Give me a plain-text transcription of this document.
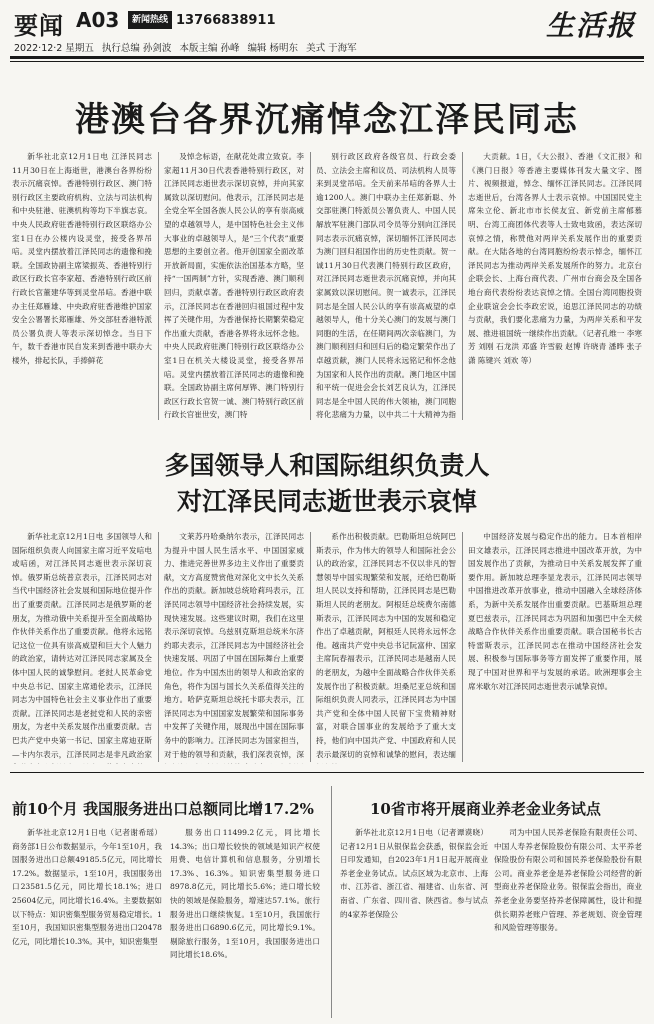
要闻 A03	新闻热线 13766838911	生活报
2022·12·2 星期五 执行总编 孙剑波 本版主编 孙峰 编辑 杨明东 美式 于海军
港澳台各界沉痛悼念江泽民同志
新华社北京12月1日电 江泽民同志11月30日在上海逝世，港澳台各界纷纷表示沉痛哀悼。香港特别行政区、澳门特别行政区主要政府机构、立法与司法机构和中央驻港、驻澳机构等均下半旗志哀。中央人民政府驻香港特别行政区联络办公室1日在办公楼内设灵堂，接受各界吊唁。灵堂内摆放着江泽民同志的遗像和挽联。全国政协副主席梁振英、香港特别行政区行政长官李家超、香港特别行政区前行政长官董建华等到灵堂吊唁。香港中联办主任郑雁雄、中央政府驻香港维护国家安全公署署长郑雁雄、外交部驻香港特派员公署负责人等表示深切悼念。当日下午，数千香港市民自发来到香港中联办大楼外，排起长队，手捧鲜花
及悼念标语，在献花处肃立致哀。李家超11月30日代表香港特别行政区，对江泽民同志逝世表示深切哀悼，并向其家属致以深切慰问。他表示，江泽民同志是全党全军全国各族人民公认的享有崇高威望的卓越领导人，是中国特色社会主义伟大事业的卓越领导人，是“三个代表”重要思想的主要创立者。他开创国家全面改革开放新局面，实施依法治国基本方略，坚持“一国两制”方针，实现香港、澳门顺利回归，贡献卓著。香港特别行政区政府表示，江泽民同志在香港回归祖国过程中发挥了关键作用，为香港保持长期繁荣稳定作出重大贡献，香港各界将永远怀念他。中央人民政府驻澳门特别行政区联络办公室1日在机关大楼设灵堂，接受各界吊唁。灵堂内摆放着江泽民同志的遗像和挽联。全国政协副主席何厚铧、澳门特别行政区行政长官贺一诚、澳门特别行政区前行政长官崔世安，澳门特
别行政区政府各级官员、行政会委员、立法会主席和议员、司法机构人员等来到灵堂吊唁。全天前来吊唁的各界人士逾1200人。澳门中联办主任郑新聪、外交部驻澳门特派员公署负责人、中国人民解放军驻澳门部队司令员等分别向江泽民同志表示沉痛哀悼，深切缅怀江泽民同志为澳门回归祖国作出的历史性贡献。贺一诚11月30日代表澳门特别行政区政府，对江泽民同志逝世表示沉痛哀悼，并向其家属致以深切慰问。贺一诚表示，江泽民同志是全国人民公认的享有崇高威望的卓越领导人，他十分关心澳门的发展与澳门同胞的生活，在任期间两次亲临澳门，为澳门顺利回归和回归后的稳定繁荣作出了卓越贡献，澳门人民将永远铭记和怀念他为国家和人民作出的贡献。澳门地区中国和平统一促进会会长刘艺良认为，江泽民同志是全中国人民的伟大领袖，澳门同胞将化悲痛为力量，以中共二十大精神为指
大贡献。1日，《大公报》、香港《文汇报》和《澳门日报》等香港主要媒体刊发大量文字、图片、视频报道，悼念、缅怀江泽民同志。江泽民同志逝世后，台湾各界人士表示哀悼。中国国民党主席朱立伦、新北市市长侯友宜、新党前主席郁慕明、台湾工商团体代表等人士致电致函，表达深切哀悼之情，称赞他对两岸关系发展作出的重要贡献。在大陆各地的台湾同胞纷纷表示悼念，缅怀江泽民同志为推动两岸关系发展所作的努力。北京台企联会长、上海台商代表、广州市台商会及全国各地台商代表纷纷表达哀悼之情。全国台湾同胞投资企业联谊会会长李政宏说，追思江泽民同志的功绩与贡献，我们要化悲痛为力量，为两岸关系和平发展、推进祖国统一继续作出贡献。（记者孔维一 李寒芳 刘刚 石龙洪 邓盛 许雪毅 赵博 许晓青 潘晔 张子潇 陈键兴 刘欢 等）
多国领导人和国际组织负责人
对江泽民同志逝世表示哀悼
新华社北京12月1日电 多国领导人和国际组织负责人向国家主席习近平发唁电或唁函，对江泽民同志逝世表示深切哀悼。俄罗斯总统普京表示，江泽民同志对当代中国经济社会发展和国际地位提升作出了重要贡献。江泽民同志是俄罗斯的老朋友，为推动俄中关系提升至全面战略协作伙伴关系作出了重要贡献。他将永远铭记这位一位具有崇高威望和巨大个人魅力的政治家，请转达对江泽民同志家属及全体中国人民的诚挚慰问。老挝人民革命党中央总书记、国家主席通伦表示，江泽民同志为中国特色社会主义事业作出了重要贡献。江泽民同志是老挝党和人民的亲密朋友，为老中关系发展作出重要贡献。吉巴共产党中央第一书记、国家主席迪亚斯—卡内尔表示，江泽民同志是非凡政治家
文莱苏丹哈桑纳尔表示，江泽民同志为提升中国人民生活水平、中国国家威力、推进完善世界多边主义作出了重要贡献，文方高度赞赏他对深化文中长久关系作出的贡献。新加坡总统哈莉玛表示，江泽民同志领导中国经济社会持续发展，实现快速发展。这些建议时期，我们在这里表示深切哀悼。乌兹别克斯坦总统米尔济约耶夫表示，江泽民同志为中国经济社会快速发展、巩固了中国在国际舞台上重要地位。作为中国杰出的领导人和政治家的角色，将作为国与国长久关系值得关注的地方。哈萨克斯坦总统托卡耶夫表示，江泽民同志为中国国家发展繁荣和国际事务中发挥了关键作用，展现出中国在国际事务中的影响力。江泽民同志为国家担当，对于他的领导和贡献，我们深表哀悼，深
系作出积极贡献。巴勒斯坦总统阿巴斯表示，作为伟大的领导人和国际社会公认的政治家，江泽民同志不仅以非凡的智慧领导中国实现繁荣和发展，还给巴勒斯坦人民以支持和帮助，江泽民同志是巴勒斯坦人民的老朋友。阿根廷总统费尔南德斯表示，江泽民同志为中国的发展和稳定作出了卓越贡献，阿根廷人民将永远怀念他。越南共产党中央总书记阮富仲、国家主席阮春福表示，江泽民同志是越南人民的老朋友，为越中全面战略合作伙伴关系发展作出了积极贡献。坦桑尼亚总统和国际组织负责人同表示，江泽民同志为中国共产党和全体中国人民留下宝贵精神财富，对联合国事业的发展给予了重大支持，他们向中国共产党、中国政府和人民表示最深切的哀悼和诚挚的慰问，表达缅
中国经济发展与稳定作出的能力。日本首相岸田文雄表示，江泽民同志推进中国改革开放，为中国发展作出了贡献，为推动日中关系发展发挥了重要作用。新加坡总理李显龙表示，江泽民同志领导中国推进改革开放事业，推动中国融入全球经济体系，为新中关系发展作出重要贡献。巴基斯坦总理夏巴兹表示，江泽民同志为巩固和加强巴中全天候战略合作伙伴关系作出重要贡献。联合国秘书长古特雷斯表示，江泽民同志在推动中国经济社会发展、积极参与国际事务等方面发挥了重要作用，展现了中国对世界和平与发展的承诺。欧洲理事会主席米歇尔对江泽民同志逝世表示诚挚哀悼。
前10个月 我国服务进出口总额同比增17.2%
新华社北京12月1日电（记者谢希瑶）商务部1日公布数据显示，今年1至10月，我国服务进出口总额49185.5亿元，同比增长17.2%。数据显示，1至10月，我国服务出口23581.5亿元，同比增长18.1%；进口25604亿元，同比增长16.4%。主要数据如以下特点：知识密集型服务贸易稳定增长。1至10月，我国知识密集型服务进出口20478亿元，同比增长10.3%。其中，知识密集型
服务出口11499.2亿元，同比增长14.3%；出口增长较快的领域是知识产权使用费、电信计算机和信息服务，分别增长17.3%、16.3%。知识密集型服务进口8978.8亿元，同比增长5.6%；进口增长较快的领域是保险服务，增速达57.1%。旅行服务进出口继续恢复。1至10月，我国旅行服务进出口6890.6亿元，同比增长9.1%。剔除旅行服务，1至10月，我国服务进出口同比增长18.6%。
10省市将开展商业养老金业务试点
新华社北京12月1日电（记者谭谟晓）记者12月1日从银保监会获悉，银保监会近日印发通知，自2023年1月1日起开展商业养老金业务试点。试点区域为北京市、上海市、江苏省、浙江省、福建省、山东省、河南省、广东省、四川省、陕西省。参与试点的4家养老保险公
司为中国人民养老保险有限责任公司、中国人寿养老保险股份有限公司、太平养老保险股份有限公司和国民养老保险股份有限公司。商业养老金是养老保险公司经营的新型商业养老保险业务。银保监会指出，商业养老金业务要坚持养老保障属性，设计和提供长期养老账户管理、养老规划、资金管理和风险管理等服务。
